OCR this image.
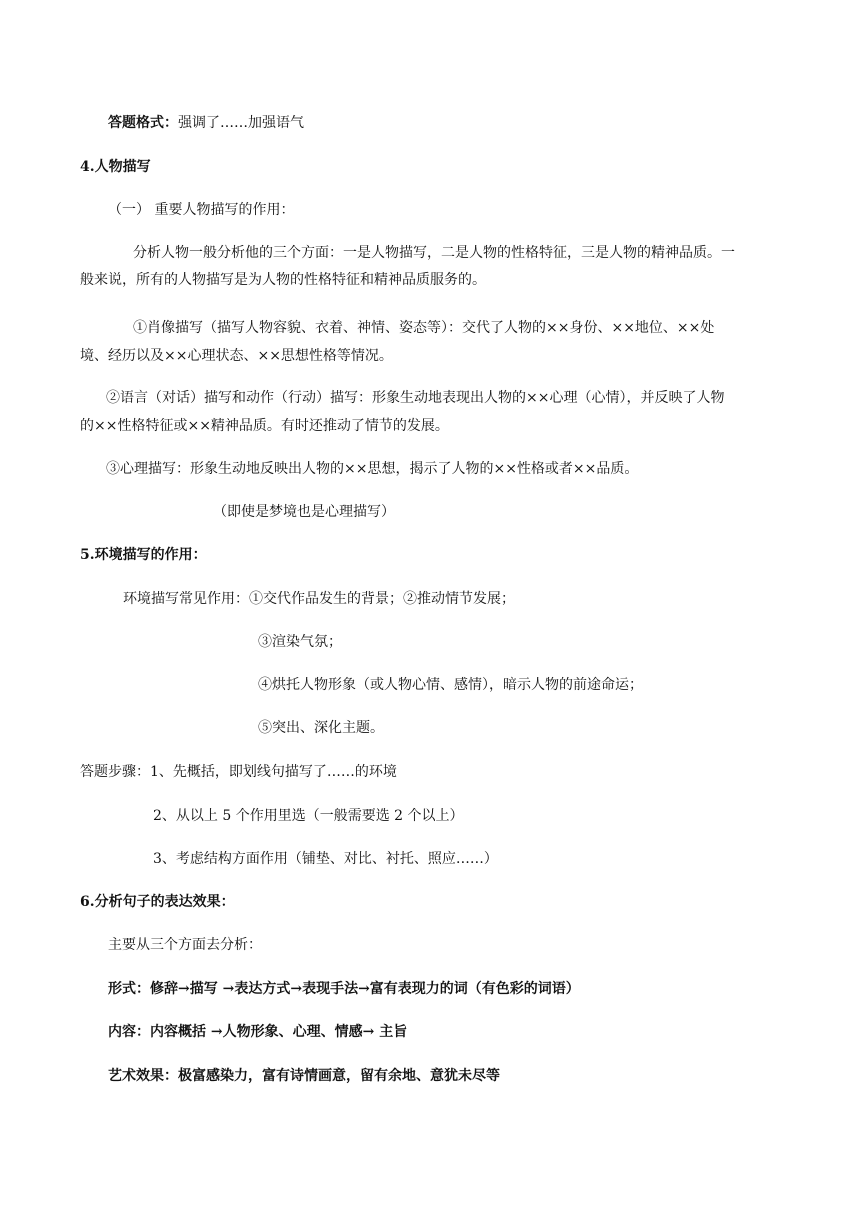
答题格式：强调了……加强语气
4.人物描写
（一） 重要人物描写的作用：
分析人物一般分析他的三个方面：一是人物描写，二是人物的性格特征，三是人物的精神品质。一
般来说，所有的人物描写是为人物的性格特征和精神品质服务的。
①肖像描写（描写人物容貌、衣着、神情、姿态等）：交代了人物的××身份、××地位、××处
境、经历以及××心理状态、××思想性格等情况。
②语言（对话）描写和动作（行动）描写：形象生动地表现出人物的××心理（心情），并反映了人物
的××性格特征或××精神品质。有时还推动了情节的发展。
③心理描写：形象生动地反映出人物的××思想，揭示了人物的××性格或者××品质。
（即使是梦境也是心理描写）
5.环境描写的作用：
环境描写常见作用：①交代作品发生的背景；②推动情节发展；
③渲染气氛；
④烘托人物形象（或人物心情、感情），暗示人物的前途命运；
⑤突出、深化主题。
答题步骤：1、先概括，即划线句描写了……的环境
2、从以上 5 个作用里选（一般需要选 2 个以上）
3、考虑结构方面作用（铺垫、对比、衬托、照应……）
6.分析句子的表达效果：
主要从三个方面去分析：
形式：修辞→描写 →表达方式→表现手法→富有表现力的词（有色彩的词语）
内容：内容概括 →人物形象、心理、情感→ 主旨
艺术效果：极富感染力，富有诗情画意，留有余地、意犹未尽等
